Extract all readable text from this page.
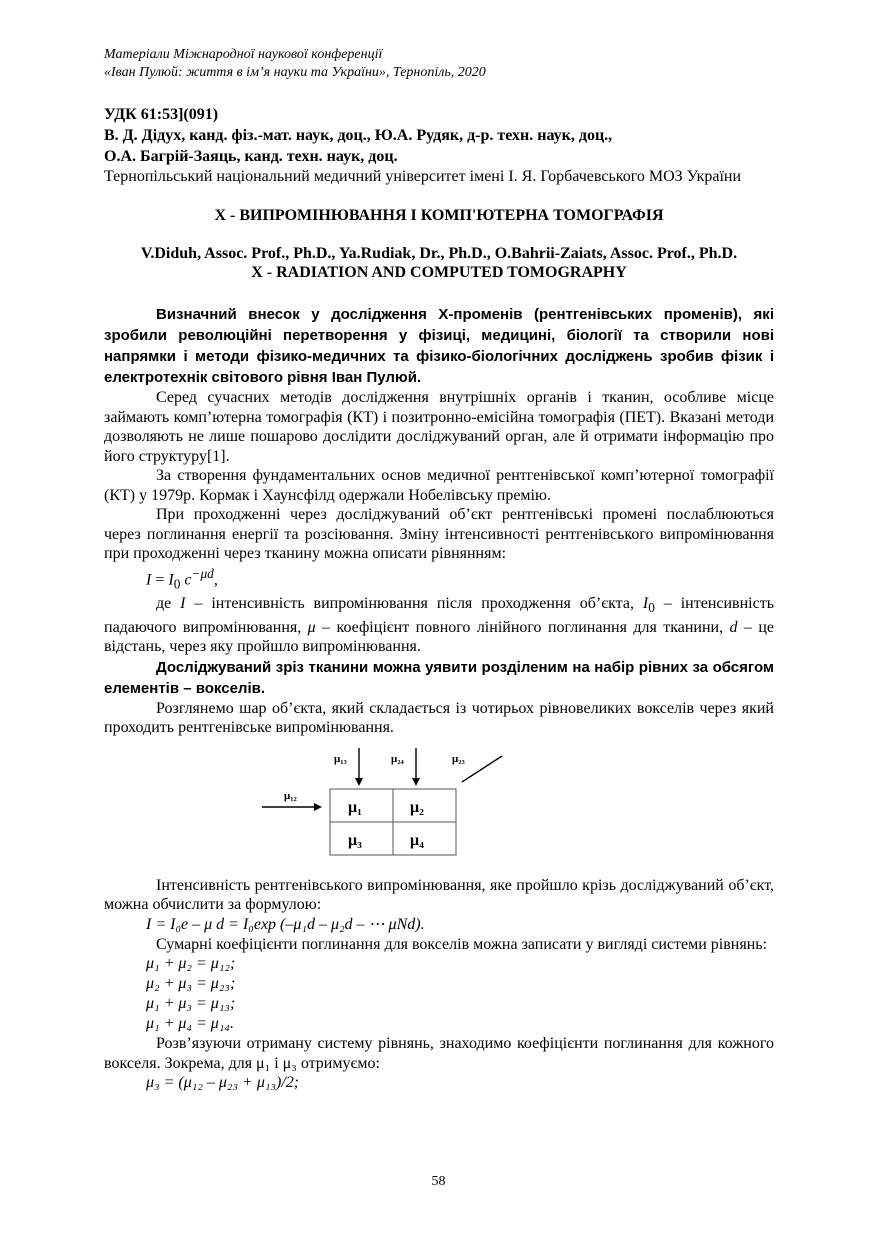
Матеріали Міжнародної наукової конференції
«Іван Пулюй: життя в ім’я науки та України», Тернопіль, 2020
УДК 61:53](091)
В. Д. Дідух, канд. фіз.-мат. наук, доц., Ю.А. Рудяк, д-р. техн. наук, доц.,
О.А. Багрій-Заяць, канд. техн. наук, доц.
Тернопільський національний медичний університет імені І. Я. Горбачевського МОЗ України
X - ВИПРОМІНЮВАННЯ І КОМП'ЮТЕРНА ТОМОГРАФІЯ
V.Diduh, Assoc. Prof., Ph.D., Ya.Rudiak, Dr., Ph.D., O.Bahrii-Zaiats, Assoc. Prof., Ph.D.
X - RADIATION AND COMPUTED TOMOGRAPHY

Визначний внесок у дослідження Х-променів (рентгенівських променів), які зробили революційні перетворення у фізиці, медицині, біології та створили нові напрямки і методи фізико-медичних та фізико-біологічних досліджень зробив фізик і електротехнік світового рівня Іван Пулюй.

Серед сучасних методів дослідження внутрішніх органів і тканин, особливе місце займають комп’ютерна томографія (КТ) і позитронно-емісійна томографія (ПЕТ). Вказані методи дозволяють не лише пошарово дослідити досліджуваний орган, але й отримати інформацію про його структуру[1].

За створення фундаментальних основ медичної рентгенівської комп’ютерної томографії (КТ) у 1979р. Кормак і Хаунсфілд одержали Нобелівську премію.

При проходженні через досліджуваний об’єкт рентгенівські промені послаблюються через поглинання енергії та розсіювання. Зміну інтенсивності рентгенівського випромінювання при проходженні через тканину можна описати рівнянням:

$I = I_0$ $c^{-\mu d}$,

де I – інтенсивність випромінювання після проходження об’єкта, $I_0$ – інтенсивність падаючого випромінювання, μ – коефіцієнт повного лінійного поглинання для тканини, d – це відстань, через яку пройшло випромінювання.

Досліджуваний зріз тканини можна уявити розділеним на набір рівних за обсягом елементів – вокселів.

Розглянемо шар об’єкта, який складається із чотирьох рівновеликих вокселів через який проходить рентгенівське випромінювання.

μ₁₃	μ₂₄	μ₂₃
μ₁₂
μ₁	μ₂
μ₃	μ₄

Інтенсивність рентгенівського випромінювання, яке пройшло крізь досліджуваний об’єкт, можна обчислити за формулою:

I = I₀e – μ d = I₀exp (–μ₁d – μ₂d – ⋯ μNd).

Сумарні коефіцієнти поглинання для вокселів можна записати у вигляді системи рівнянь:

μ₁ + μ₂ = μ₁₂;
μ₂ + μ₃ = μ₂₃;
μ₁ + μ₃ = μ₁₃;
μ₁ + μ₄ = μ₁₄.

Розв’язуючи отриману систему рівнянь, знаходимо коефіцієнти поглинання для кожного вокселя. Зокрема, для μ₁ і μ₃ отримуємо:

μ₃ = (μ₁₂ – μ₂₃ + μ₁₃)/2;
58
